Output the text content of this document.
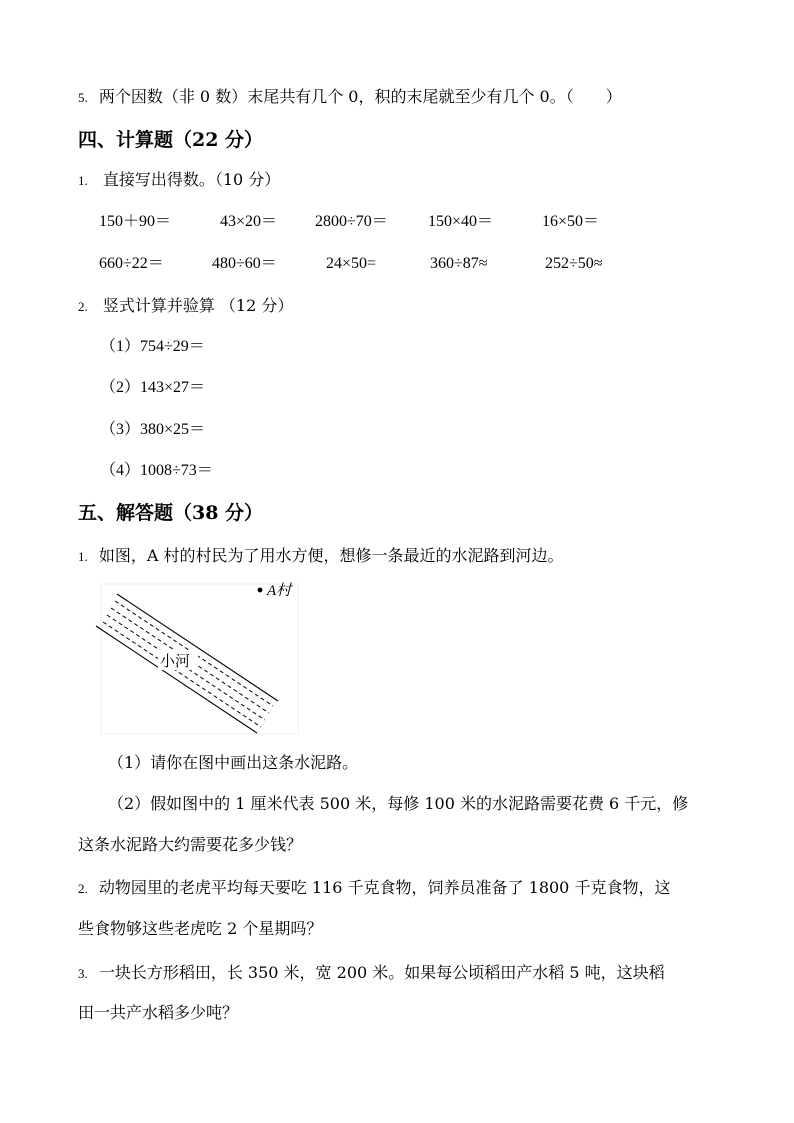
5. 两个因数（非 0 数）末尾共有几个 0，积的末尾就至少有几个 0。（　　）
四、计算题（22 分）
1. 直接写出得数。（10 分）
150＋90＝	43×20＝ 2800÷70＝	150×40＝	16×50＝
660÷22＝	480÷60＝	24×50=	360÷87≈	252÷50≈
2. 竖式计算并验算 （12 分）
（1）754÷29＝
（2）143×27＝
（3）380×25＝
（4）1008÷73＝
五、解答题（38 分）
1. 如图，A 村的村民为了用水方便，想修一条最近的水泥路到河边。
小河
A村
（1）请你在图中画出这条水泥路。
（2）假如图中的 1 厘米代表 500 米，每修 100 米的水泥路需要花费 6 千元，修
这条水泥路大约需要花多少钱？
2. 动物园里的老虎平均每天要吃 116 千克食物，饲养员准备了 1800 千克食物，这
些食物够这些老虎吃 2 个星期吗？
3. 一块长方形稻田，长 350 米，宽 200 米。如果每公顷稻田产水稻 5 吨，这块稻
田一共产水稻多少吨？
